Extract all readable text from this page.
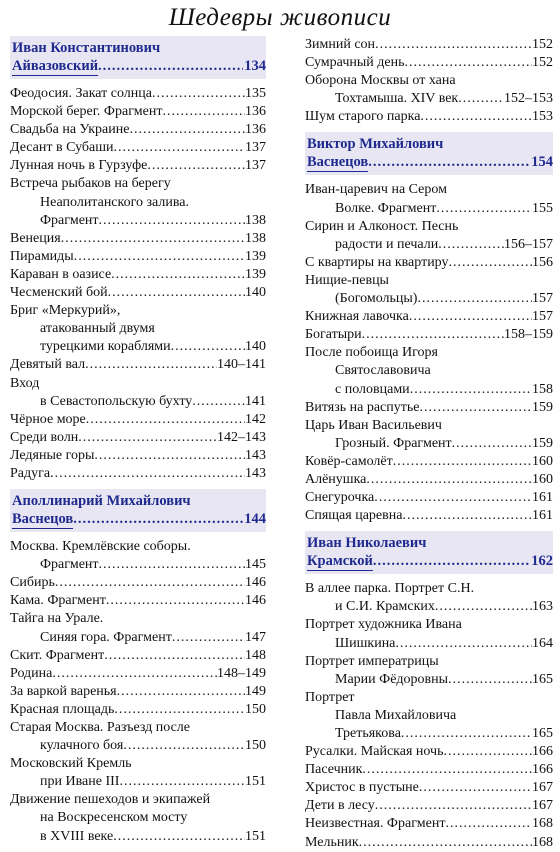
Шедевры живописи
Иван Константинович
Айвазовский .....	134
Феодосия. Закат солнца .....	135
Морской берег. Фрагмент .....	136
Свадьба на Украине .....	136
Десант в Субаши .....	137
Лунная ночь в Гурзуфе .....	137
Встреча рыбаков на берегу
Неаполитанского залива.
Фрагмент .....	138
Венеция .....	138
Пирамиды .....	139
Караван в оазисе .....	139
Чесменский бой .....	140
Бриг «Меркурий»,
атакованный двумя
турецкими кораблями .....	140
Девятый вал .....	140–141
Вход
в Севастопольскую бухту .....	141
Чёрное море .....	142
Среди волн .....	142–143
Ледяные горы .....	143
Радуга .....	143
Аполлинарий Михайлович
Васнецов .....	144
Москва. Кремлёвские соборы.
Фрагмент .....	145
Сибирь .....	146
Кама. Фрагмент .....	146
Тайга на Урале.
Синяя гора. Фрагмент .....	147
Скит. Фрагмент .....	148
Родина .....	148–149
За варкой варенья .....	149
Красная площадь .....	150
Старая Москва. Разъезд после
кулачного боя .....	150
Московский Кремль
при Иване III .....	151
Движение пешеходов и экипажей
на Воскресенском мосту
в XVIII веке .....	151
Зимний сон .....	152
Сумрачный день .....	152
Оборона Москвы от хана
Тохтамыша. XIV век .....	152–153
Шум старого парка .....	153
Виктор Михайлович
Васнецов .....	154
Иван-царевич на Сером
Волке. Фрагмент .....	155
Сирин и Алконост. Песнь
радости и печали .....	156–157
С квартиры на квартиру .....	156
Нищие-певцы
(Богомольцы) .....	157
Книжная лавочка .....	157
Богатыри .....	158–159
После побоища Игоря
Святославовича
с половцами .....	158
Витязь на распутье .....	159
Царь Иван Васильевич
Грозный. Фрагмент .....	159
Ковёр-самолёт .....	160
Алёнушка .....	160
Снегурочка .....	161
Спящая царевна .....	161
Иван Николаевич
Крамской .....	162
В аллее парка. Портрет С.Н.
и С.И. Крамских .....	163
Портрет художника Ивана
Шишкина .....	164
Портрет императрицы
Марии Фёдоровны .....	165
Портрет
Павла Михайловича
Третьякова .....	165
Русалки. Майская ночь .....	166
Пасечник .....	166
Христос в пустыне .....	167
Дети в лесу .....	167
Неизвестная. Фрагмент .....	168
Мельник .....	168
